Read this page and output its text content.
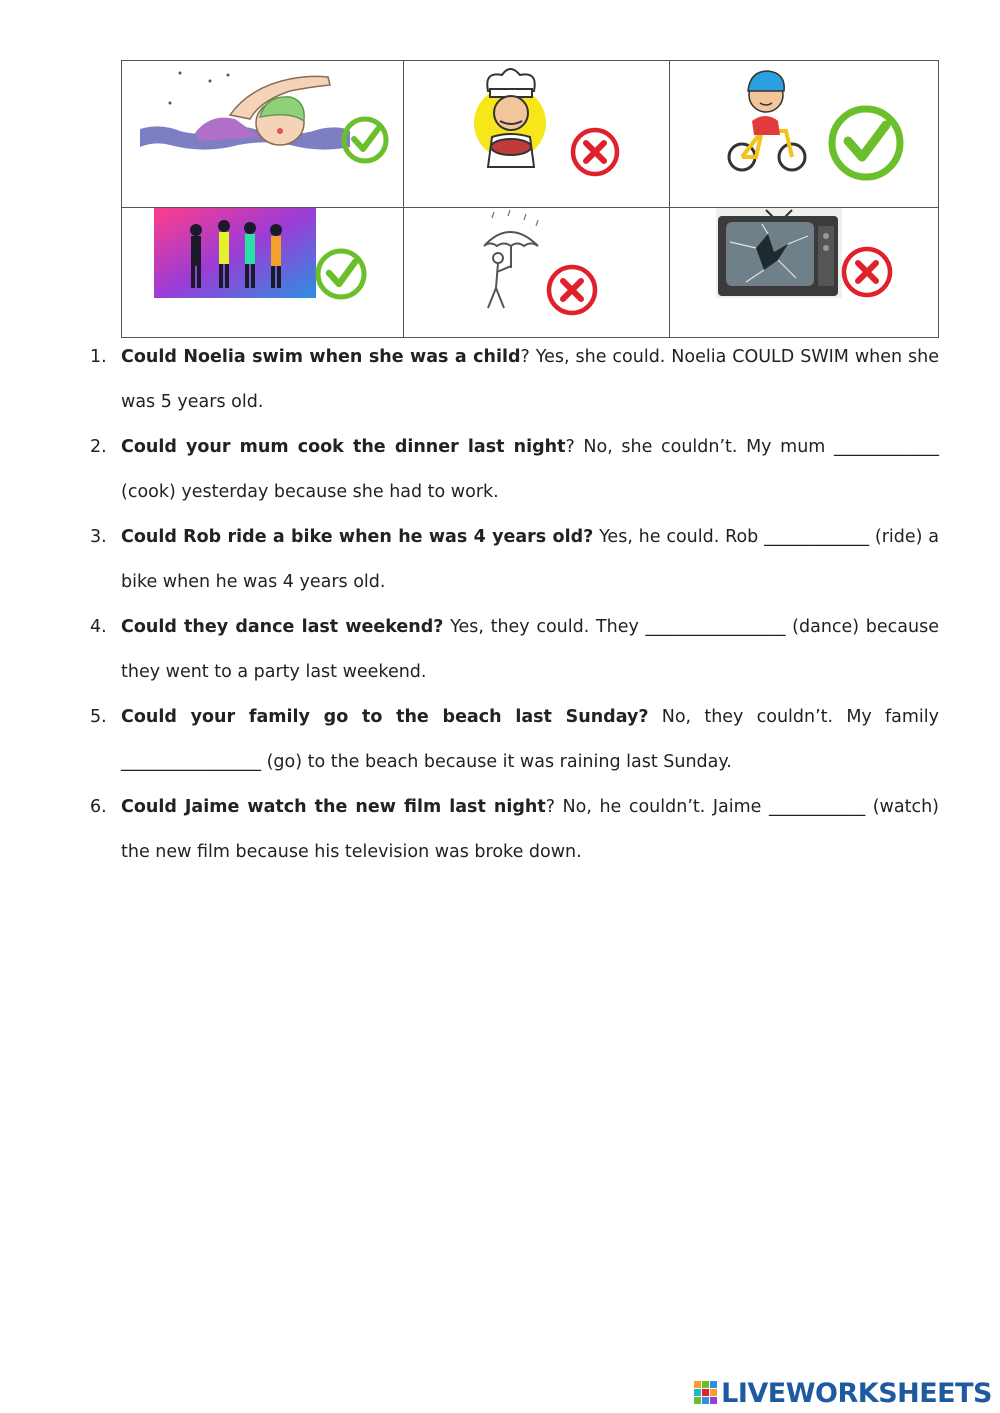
1. Could Noelia swim when she was a child? Yes, she could. Noelia COULD SWIM when she was 5 years old.
2. Could your mum cook the dinner last night? No, she couldn’t. My mum ____________ (cook) yesterday because she had to work.
3. Could Rob ride a bike when he was 4 years old? Yes, he could. Rob ____________ (ride) a bike when he was 4 years old.
4. Could they dance last weekend? Yes, they could. They ________________ (dance) because they went to a party last weekend.
5. Could your family go to the beach last Sunday? No, they couldn’t. My family ________________ (go) to the beach because it was raining last Sunday.
6. Could Jaime watch the new film last night? No, he couldn’t. Jaime ___________ (watch) the new film because his television was broke down.
LIVEWORKSHEETS
